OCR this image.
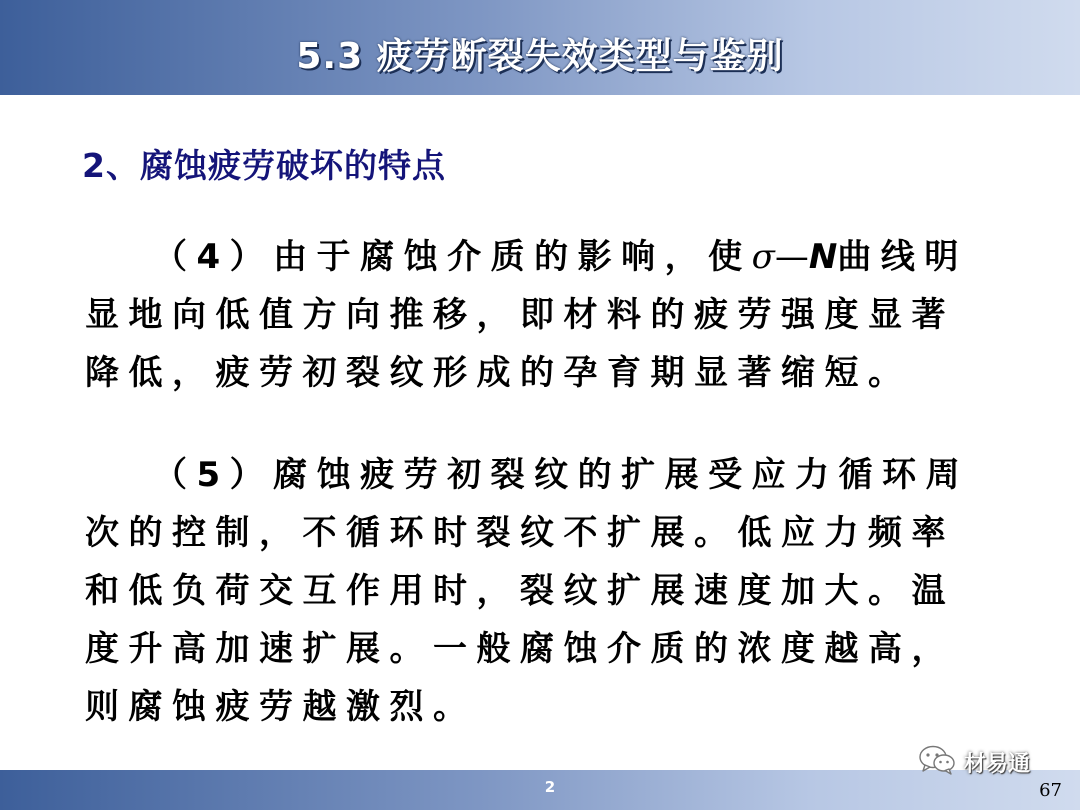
5.3 疲劳断裂失效类型与鉴别
2、腐蚀疲劳破坏的特点
（4）由于腐蚀介质的影响，使σ—N曲线明显地向低值方向推移，即材料的疲劳强度显著降低，疲劳初裂纹形成的孕育期显著缩短。
（5）腐蚀疲劳初裂纹的扩展受应力循环周次的控制，不循环时裂纹不扩展。低应力频率和低负荷交互作用时，裂纹扩展速度加大。温度升高加速扩展。一般腐蚀介质的浓度越高，则腐蚀疲劳越激烈。
2
材易通
67
